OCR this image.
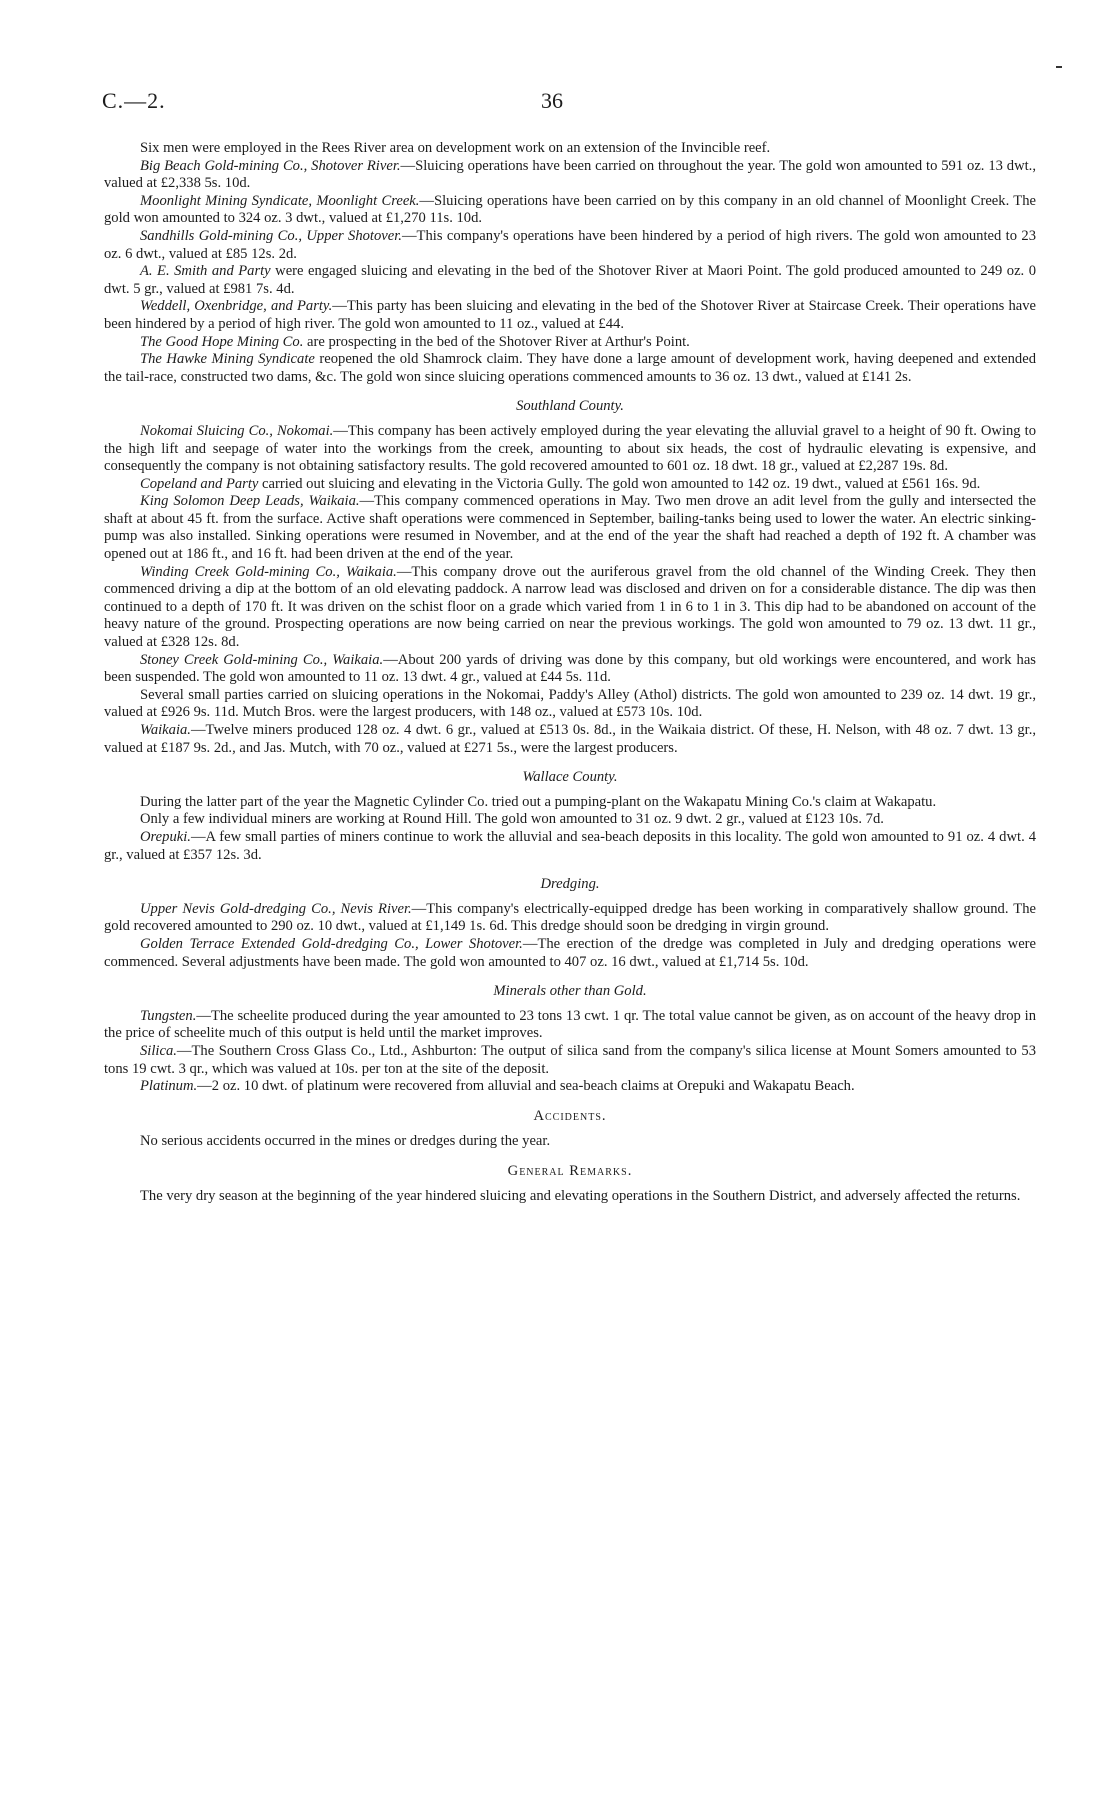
C.—2.	36

Six men were employed in the Rees River area on development work on an extension of the Invincible reef.

Big Beach Gold-mining Co., Shotover River.—Sluicing operations have been carried on throughout the year. The gold won amounted to 591 oz. 13 dwt., valued at £2,338 5s. 10d.

Moonlight Mining Syndicate, Moonlight Creek.—Sluicing operations have been carried on by this company in an old channel of Moonlight Creek. The gold won amounted to 324 oz. 3 dwt., valued at £1,270 11s. 10d.

Sandhills Gold-mining Co., Upper Shotover.—This company's operations have been hindered by a period of high rivers. The gold won amounted to 23 oz. 6 dwt., valued at £85 12s. 2d.

A. E. Smith and Party were engaged sluicing and elevating in the bed of the Shotover River at Maori Point. The gold produced amounted to 249 oz. 0 dwt. 5 gr., valued at £981 7s. 4d.

Weddell, Oxenbridge, and Party.—This party has been sluicing and elevating in the bed of the Shotover River at Staircase Creek. Their operations have been hindered by a period of high river. The gold won amounted to 11 oz., valued at £44.

The Good Hope Mining Co. are prospecting in the bed of the Shotover River at Arthur's Point.

The Hawke Mining Syndicate reopened the old Shamrock claim. They have done a large amount of development work, having deepened and extended the tail-race, constructed two dams, &c. The gold won since sluicing operations commenced amounts to 36 oz. 13 dwt., valued at £141 2s.

Southland County.

Nokomai Sluicing Co., Nokomai.—This company has been actively employed during the year elevating the alluvial gravel to a height of 90 ft. Owing to the high lift and seepage of water into the workings from the creek, amounting to about six heads, the cost of hydraulic elevating is expensive, and consequently the company is not obtaining satisfactory results. The gold recovered amounted to 601 oz. 18 dwt. 18 gr., valued at £2,287 19s. 8d.

Copeland and Party carried out sluicing and elevating in the Victoria Gully. The gold won amounted to 142 oz. 19 dwt., valued at £561 16s. 9d.

King Solomon Deep Leads, Waikaia.—This company commenced operations in May. Two men drove an adit level from the gully and intersected the shaft at about 45 ft. from the surface. Active shaft operations were commenced in September, bailing-tanks being used to lower the water. An electric sinking-pump was also installed. Sinking operations were resumed in November, and at the end of the year the shaft had reached a depth of 192 ft. A chamber was opened out at 186 ft., and 16 ft. had been driven at the end of the year.

Winding Creek Gold-mining Co., Waikaia.—This company drove out the auriferous gravel from the old channel of the Winding Creek. They then commenced driving a dip at the bottom of an old elevating paddock. A narrow lead was disclosed and driven on for a considerable distance. The dip was then continued to a depth of 170 ft. It was driven on the schist floor on a grade which varied from 1 in 6 to 1 in 3. This dip had to be abandoned on account of the heavy nature of the ground. Prospecting operations are now being carried on near the previous workings. The gold won amounted to 79 oz. 13 dwt. 11 gr., valued at £328 12s. 8d.

Stoney Creek Gold-mining Co., Waikaia.—About 200 yards of driving was done by this company, but old workings were encountered, and work has been suspended. The gold won amounted to 11 oz. 13 dwt. 4 gr., valued at £44 5s. 11d.

Several small parties carried on sluicing operations in the Nokomai, Paddy's Alley (Athol) districts. The gold won amounted to 239 oz. 14 dwt. 19 gr., valued at £926 9s. 11d. Mutch Bros. were the largest producers, with 148 oz., valued at £573 10s. 10d.

Waikaia.—Twelve miners produced 128 oz. 4 dwt. 6 gr., valued at £513 0s. 8d., in the Waikaia district. Of these, H. Nelson, with 48 oz. 7 dwt. 13 gr., valued at £187 9s. 2d., and Jas. Mutch, with 70 oz., valued at £271 5s., were the largest producers.

Wallace County.

During the latter part of the year the Magnetic Cylinder Co. tried out a pumping-plant on the Wakapatu Mining Co.'s claim at Wakapatu.

Only a few individual miners are working at Round Hill. The gold won amounted to 31 oz. 9 dwt. 2 gr., valued at £123 10s. 7d.

Orepuki.—A few small parties of miners continue to work the alluvial and sea-beach deposits in this locality. The gold won amounted to 91 oz. 4 dwt. 4 gr., valued at £357 12s. 3d.

Dredging.

Upper Nevis Gold-dredging Co., Nevis River.—This company's electrically-equipped dredge has been working in comparatively shallow ground. The gold recovered amounted to 290 oz. 10 dwt., valued at £1,149 1s. 6d. This dredge should soon be dredging in virgin ground.

Golden Terrace Extended Gold-dredging Co., Lower Shotover.—The erection of the dredge was completed in July and dredging operations were commenced. Several adjustments have been made. The gold won amounted to 407 oz. 16 dwt., valued at £1,714 5s. 10d.

Minerals other than Gold.

Tungsten.—The scheelite produced during the year amounted to 23 tons 13 cwt. 1 qr. The total value cannot be given, as on account of the heavy drop in the price of scheelite much of this output is held until the market improves.

Silica.—The Southern Cross Glass Co., Ltd., Ashburton: The output of silica sand from the company's silica license at Mount Somers amounted to 53 tons 19 cwt. 3 qr., which was valued at 10s. per ton at the site of the deposit.

Platinum.—2 oz. 10 dwt. of platinum were recovered from alluvial and sea-beach claims at Orepuki and Wakapatu Beach.

Accidents.

No serious accidents occurred in the mines or dredges during the year.

General Remarks.

The very dry season at the beginning of the year hindered sluicing and elevating operations in the Southern District, and adversely affected the returns.
